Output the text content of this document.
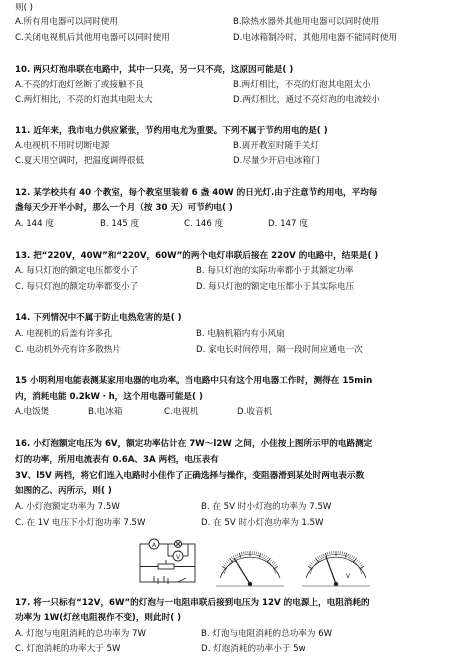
则( )
A.所有用电器可以同时使用	B.除热水器外其他用电器可以同时使用
C.关闭电视机后其他用电器可以同时使用	D.电冰箱制冷时，其他用电器不能同时使用
10. 两只灯泡串联在电路中，其中一只亮，另一只不亮，这原因可能是( )
A.不亮的灯泡灯丝断了或接触不良	B.两灯相比，不亮的灯泡其电阻太小
C.两灯相比，不亮的灯泡其电阻太大	D.两灯相比，通过不亮灯泡的电流较小
11. 近年来，我市电力供应紧张，节约用电尤为重要。下列不属于节约用电的是( )
A.电视机不用时切断电源	B.离开教室时随手关灯
C.夏天用空调时，把温度调得很低	D.尽量少开启电冰箱门
12. 某学校共有 40 个教室，每个教室里装着 6 盏 40W 的日光灯.由于注意节约用电，平均每
盏每天少开半小时，那么一个月（按 30 天）可节约电( )
A. 144 度	B. 145 度	C. 146 度	D. 147 度
13. 把“220V，40W”和“220V，60W”的两个电灯串联后接在 220V 的电路中，结果是( )
A. 每只灯泡的额定电压都变小了	B. 每只灯泡的实际功率都小于其额定功率
C. 每只灯泡的额定功率都变小了	D. 每只灯泡的额定电压都小于其实际电压
14. 下列情况中不属于防止电热危害的是( )
A. 电视机的后盖有许多孔	B. 电脑机箱内有小风扇
C. 电动机外壳有许多散热片	D. 家电长时间停用，隔一段时间应通电一次
15 小明利用电能表测某家用电器的电功率。当电路中只有这个用电器工作时，测得在 15min
内，消耗电能 0.2kW・h，这个用电器可能是( )
A.电饭煲	B.电冰箱	C.电视机	D.收音机
16. 小灯泡额定电压为 6V，额定功率估计在 7W～l2W 之间，小佳按上图所示甲的电路测定
灯的功率，所用电流表有 0.6A、3A 两档，电压表有
3V、l5V 两档，将它们连入电路时小佳作了正确选择与操作，变阻器滑到某处时两电表示数
如图的乙、丙所示，则( )
A. 小灯泡额定功率为 7.5W	B. 在 5V 时小灯泡的功率为 7.5W
C. 在 1V 电压下小灯泡功率 7.5W	D. 在 5V 时小灯泡功率为 1.5W
A
V
V
17. 将一只标有“12V，6W”的灯泡与一电阻串联后接到电压为 12V 的电源上，电阻消耗的
功率为 1W(灯丝电阻视作不变)，则此时( )
A. 灯泡与电阻消耗的总功率为 7W	B. 灯泡与电阻消耗的总功率为 6W
C. 灯泡消耗的功率大于 5W	D. 灯泡消耗的功率小于 5w
